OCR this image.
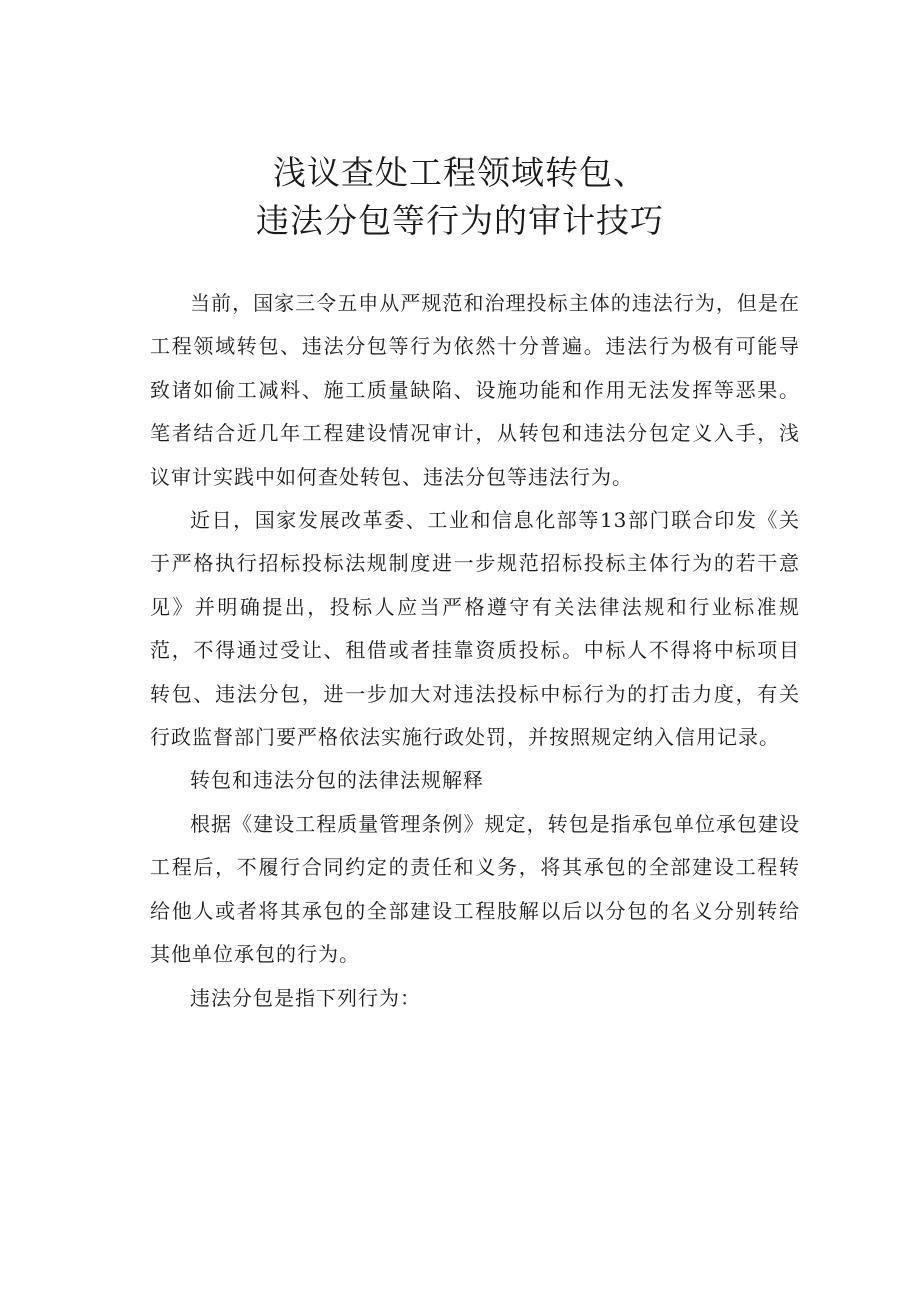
浅议查处工程领域转包、
违法分包等行为的审计技巧

当前，国家三令五申从严规范和治理投标主体的违法行为，但是在工程领域转包、违法分包等行为依然十分普遍。违法行为极有可能导致诸如偷工减料、施工质量缺陷、设施功能和作用无法发挥等恶果。笔者结合近几年工程建设情况审计，从转包和违法分包定义入手，浅议审计实践中如何查处转包、违法分包等违法行为。

近日，国家发展改革委、工业和信息化部等13部门联合印发《关于严格执行招标投标法规制度进一步规范招标投标主体行为的若干意见》并明确提出，投标人应当严格遵守有关法律法规和行业标准规范，不得通过受让、租借或者挂靠资质投标。中标人不得将中标项目转包、违法分包，进一步加大对违法投标中标行为的打击力度，有关行政监督部门要严格依法实施行政处罚，并按照规定纳入信用记录。

转包和违法分包的法律法规解释

根据《建设工程质量管理条例》规定，转包是指承包单位承包建设工程后，不履行合同约定的责任和义务，将其承包的全部建设工程转给他人或者将其承包的全部建设工程肢解以后以分包的名义分别转给其他单位承包的行为。

违法分包是指下列行为：
